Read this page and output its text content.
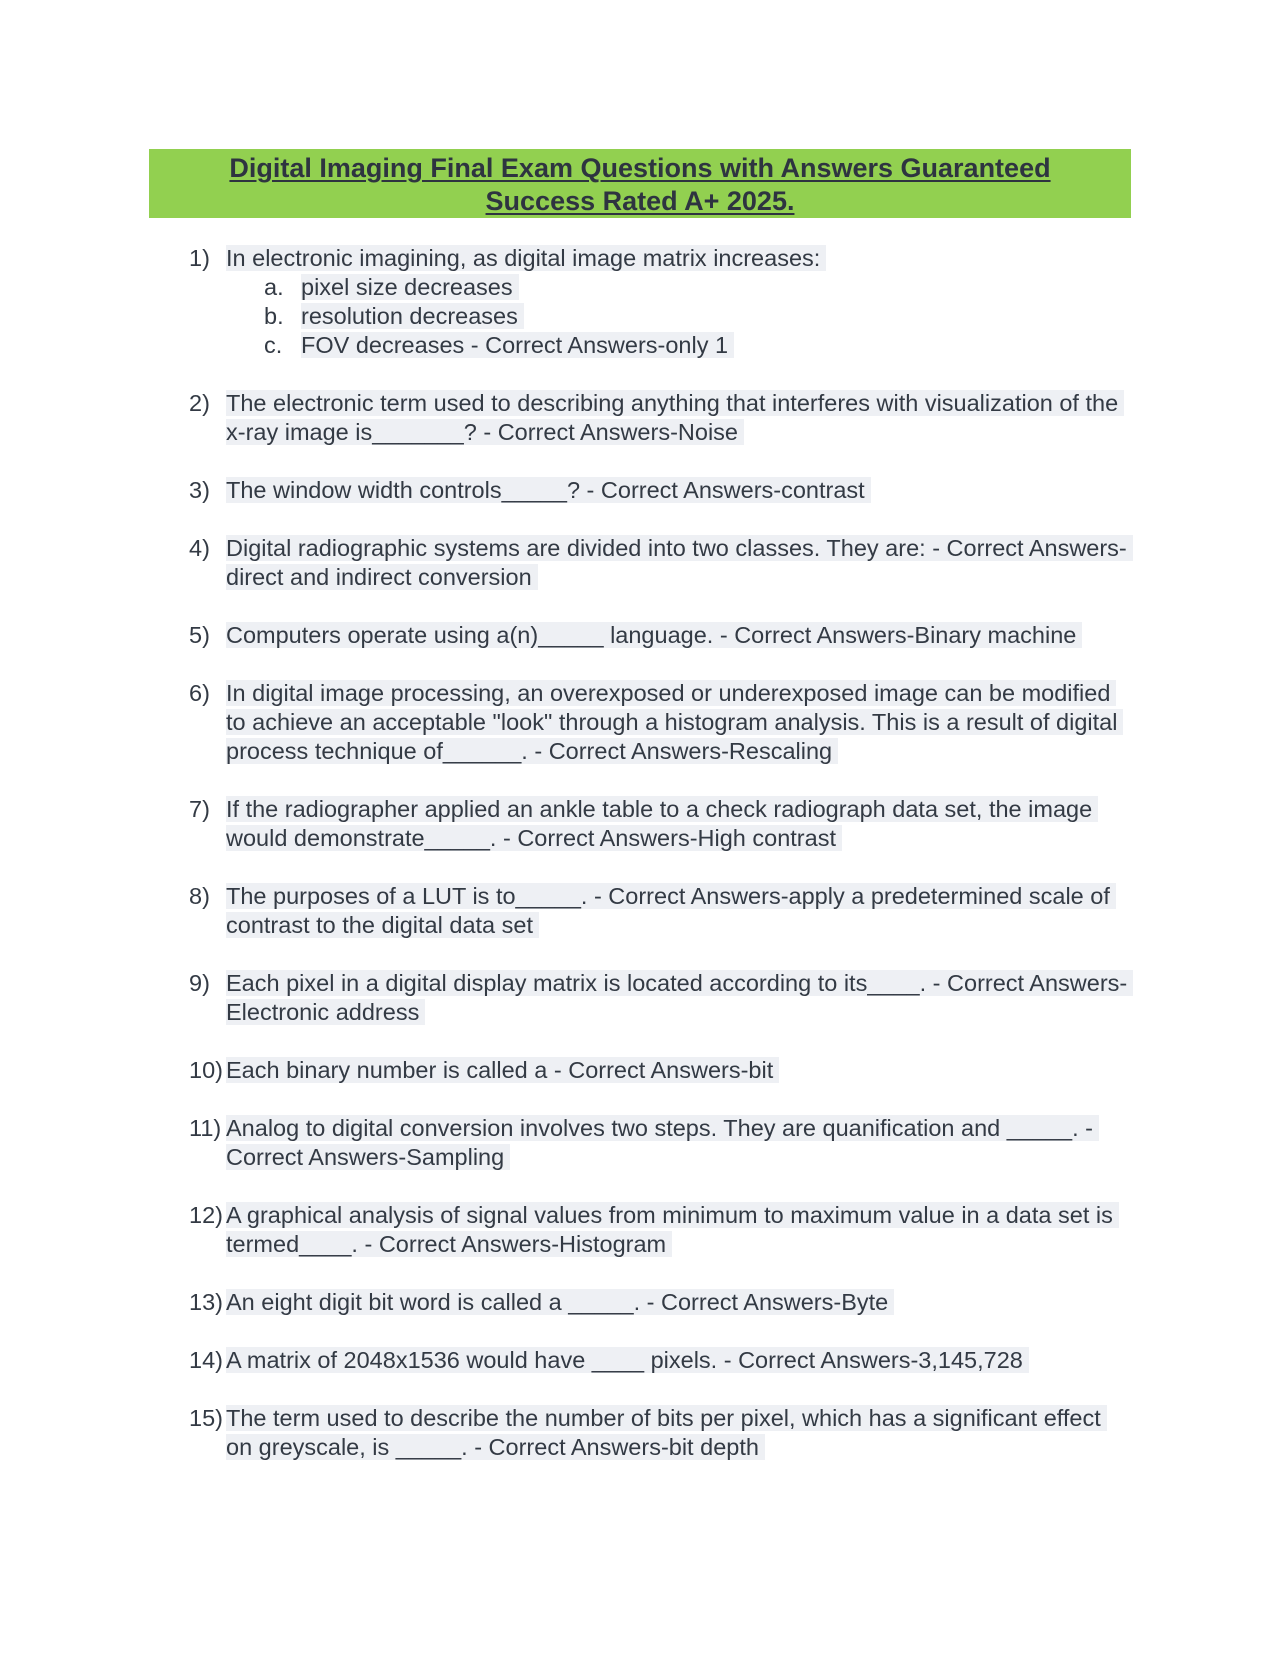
Digital Imaging Final Exam Questions with Answers Guaranteed
Success Rated A+ 2025.
1) In electronic imagining, as digital image matrix increases:
a. pixel size decreases
b. resolution decreases
c. FOV decreases - Correct Answers-only 1
2) The electronic term used to describing anything that interferes with visualization of the x-ray image is_______? - Correct Answers-Noise
3) The window width controls_____? - Correct Answers-contrast
4) Digital radiographic systems are divided into two classes. They are: - Correct Answers-direct and indirect conversion
5) Computers operate using a(n)_____ language. - Correct Answers-Binary machine
6) In digital image processing, an overexposed or underexposed image can be modified to achieve an acceptable "look" through a histogram analysis. This is a result of digital process technique of______. - Correct Answers-Rescaling
7) If the radiographer applied an ankle table to a check radiograph data set, the image would demonstrate_____. - Correct Answers-High contrast
8) The purposes of a LUT is to_____. - Correct Answers-apply a predetermined scale of contrast to the digital data set
9) Each pixel in a digital display matrix is located according to its____. - Correct Answers-Electronic address
10) Each binary number is called a - Correct Answers-bit
11) Analog to digital conversion involves two steps. They are quanification and _____. - Correct Answers-Sampling
12) A graphical analysis of signal values from minimum to maximum value in a data set is termed____. - Correct Answers-Histogram
13) An eight digit bit word is called a _____. - Correct Answers-Byte
14) A matrix of 2048x1536 would have ____ pixels. - Correct Answers-3,145,728
15) The term used to describe the number of bits per pixel, which has a significant effect on greyscale, is _____. - Correct Answers-bit depth
